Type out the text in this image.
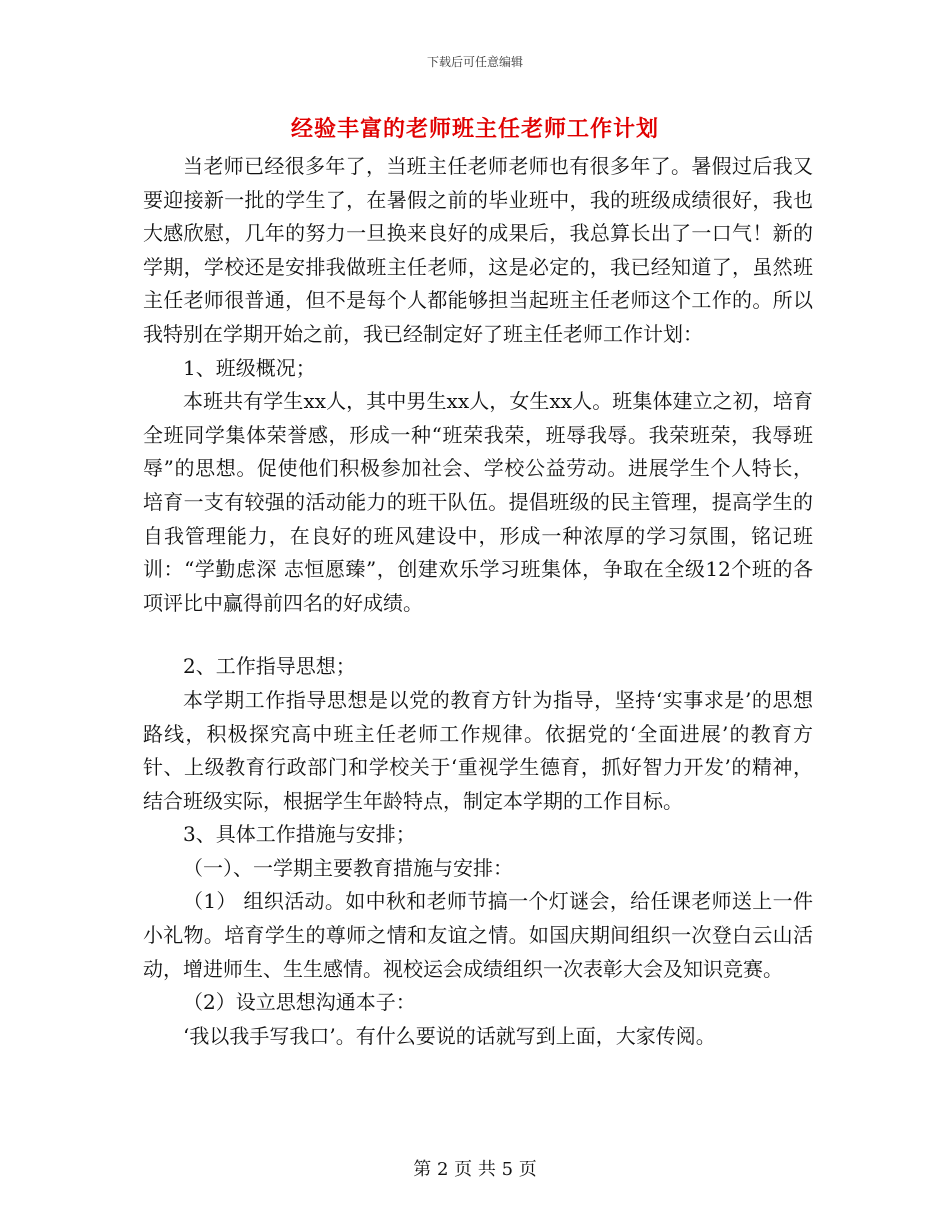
下载后可任意编辑
经验丰富的老师班主任老师工作计划

当老师已经很多年了，当班主任老师老师也有很多年了。暑假过后我又要迎接新一批的学生了，在暑假之前的毕业班中，我的班级成绩很好，我也大感欣慰，几年的努力一旦换来良好的成果后，我总算长出了一口气！新的学期，学校还是安排我做班主任老师，这是必定的，我已经知道了，虽然班主任老师很普通，但不是每个人都能够担当起班主任老师这个工作的。所以我特别在学期开始之前，我已经制定好了班主任老师工作计划：

1、班级概况；

本班共有学生xx人，其中男生xx人，女生xx人。班集体建立之初，培育全班同学集体荣誉感，形成一种“班荣我荣，班辱我辱。我荣班荣，我辱班辱”的思想。促使他们积极参加社会、学校公益劳动。进展学生个人特长，培育一支有较强的活动能力的班干队伍。提倡班级的民主管理，提高学生的自我管理能力，在良好的班风建设中，形成一种浓厚的学习氛围，铭记班训：“学勤虑深 志恒愿臻”，创建欢乐学习班集体，争取在全级12个班的各项评比中赢得前四名的好成绩。

2、工作指导思想；

本学期工作指导思想是以党的教育方针为指导，坚持‘实事求是’的思想路线，积极探究高中班主任老师工作规律。依据党的‘全面进展’的教育方针、上级教育行政部门和学校关于‘重视学生德育，抓好智力开发’的精神，结合班级实际，根据学生年龄特点，制定本学期的工作目标。

3、具体工作措施与安排；

（一）、一学期主要教育措施与安排：

（1） 组织活动。如中秋和老师节搞一个灯谜会，给任课老师送上一件小礼物。培育学生的尊师之情和友谊之情。如国庆期间组织一次登白云山活动，增进师生、生生感情。视校运会成绩组织一次表彰大会及知识竞赛。

（2）设立思想沟通本子：

‘我以我手写我口’。有什么要说的话就写到上面，大家传阅。

第 2 页 共 5 页
